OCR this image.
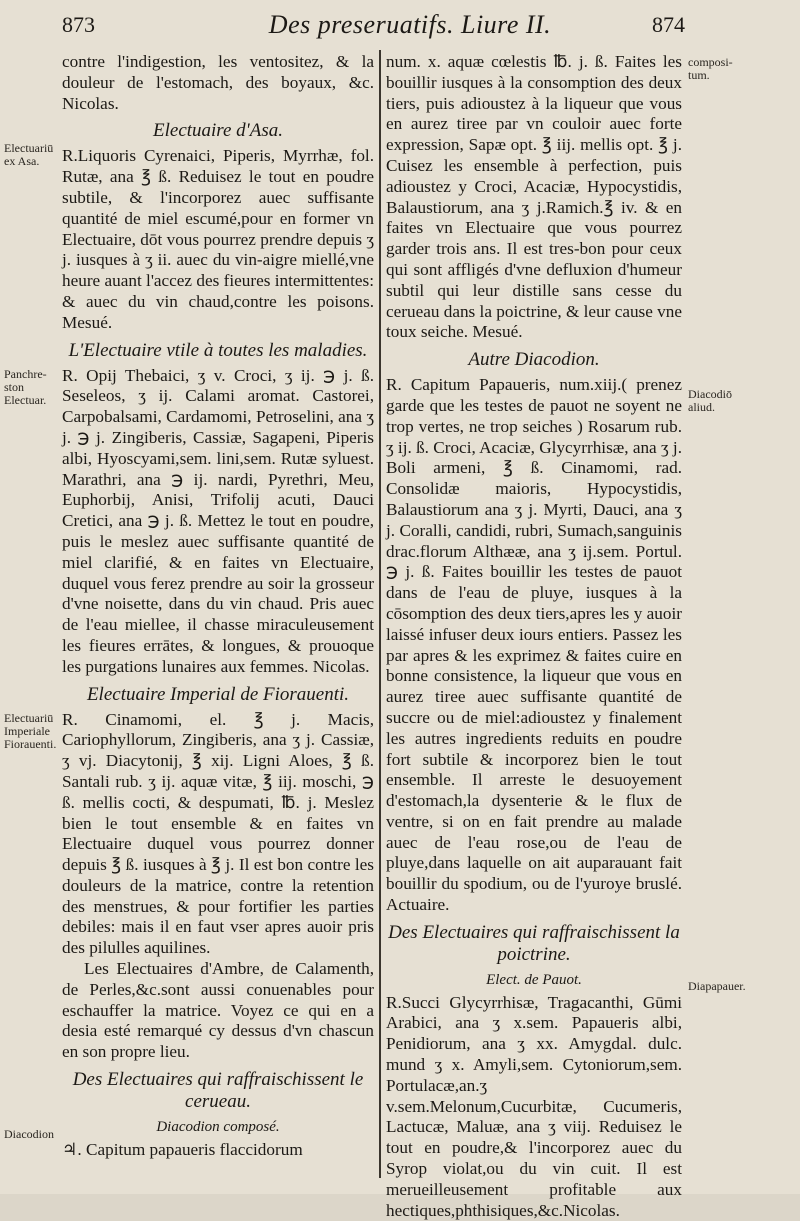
873	Des preseruatifs. Liure II.	874

contre l'indigestion, les ventositez, & la douleur de l'estomach, des boyaux, &c. Nicolas.

Electuaire d'Asa.

R.Liquoris Cyrenaici, Piperis, Myrrhæ, fol. Rutæ, ana ℥ ß. Reduisez le tout en poudre subtile, & l'incorporez auec suffisante quantité de miel escumé,pour en former vn Electuaire, dōt vous pourrez prendre depuis ʒ j. iusques à ʒ ii. auec du vin-aigre miellé,vne heure auant l'accez des fieures intermittentes: & auec du vin chaud,contre les poisons. Mesué.

L'Electuaire vtile à toutes les maladies.

R. Opij Thebaici, ʒ v. Croci, ʒ ij. ℈ j. ß. Seseleos, ʒ ij. Calami aromat. Castorei, Carpobalsami, Cardamomi, Petroselini, ana ʒ j. ℈ j. Zingiberis, Cassiæ, Sagapeni, Piperis albi, Hyoscyami,sem. lini,sem. Rutæ syluest. Marathri, ana ℈ ij. nardi, Pyrethri, Meu, Euphorbij, Anisi, Trifolij acuti, Dauci Cretici, ana ℈ j. ß. Mettez le tout en poudre, puis le meslez auec suffisante quantité de miel clarifié, & en faites vn Electuaire, duquel vous ferez prendre au soir la grosseur d'vne noisette, dans du vin chaud. Pris auec de l'eau miellee, il chasse miraculeusement les fieures errātes, & longues, & prouoque les purgations lunaires aux femmes. Nicolas.

Electuaire Imperial de Fiorauenti.

R. Cinamomi, el. ℥ j. Macis, Cariophyllorum, Zingiberis, ana ʒ j. Cassiæ, ʒ vj. Diacytonij, ℥ xij. Ligni Aloes, ℥ ß. Santali rub. ʒ ij. aquæ vitæ, ℥ iij. moschi, ℈ ß. mellis cocti, & despumati, ℔. j. Meslez bien le tout ensemble & en faites vn Electuaire duquel vous pourrez donner depuis ℥ ß. iusques à ℥ j. Il est bon contre les douleurs de la matrice, contre la retention des menstrues, & pour fortifier les parties debiles: mais il en faut vser apres auoir pris des pilulles aquilines.

Les Electuaires d'Ambre, de Calamenth, de Perles,&c.sont aussi conuenables pour eschauffer la matrice. Voyez ce qui en a desia esté remarqué cy dessus d'vn chascun en son propre lieu.

Des Electuaires qui raffraischissent le cerueau.
Diacodion composé.

♃. Capitum papaueris flaccidorum

num. x. aquæ cœlestis ℔. j. ß. Faites les bouillir iusques à la consomption des deux tiers, puis adioustez à la liqueur que vous en aurez tiree par vn couloir auec forte expression, Sapæ opt. ℥ iij. mellis opt. ℥ j. Cuisez les ensemble à perfection, puis adioustez y Croci, Acaciæ, Hypocystidis, Balaustiorum, ana ʒ j.Ramich.℥ iv. & en faites vn Electuaire que vous pourrez garder trois ans. Il est tres-bon pour ceux qui sont affligés d'vne defluxion d'humeur subtil qui leur distille sans cesse du cerueau dans la poictrine, & leur cause vne toux seiche. Mesué.

Autre Diacodion.

R. Capitum Papaueris, num.xiij.( prenez garde que les testes de pauot ne soyent ne trop vertes, ne trop seiches ) Rosarum rub. ʒ ij. ß. Croci, Acaciæ, Glycyrrhisæ, ana ʒ j. Boli armeni, ℥ ß. Cinamomi, rad. Consolidæ maioris, Hypocystidis, Balaustiorum ana ʒ j. Myrti, Dauci, ana ʒ j. Coralli, candidi, rubri, Sumach,sanguinis drac.florum Althææ, ana ʒ ij.sem. Portul. ℈ j. ß. Faites bouillir les testes de pauot dans de l'eau de pluye, iusques à la cōsomption des deux tiers,apres les y auoir laissé infuser deux iours entiers. Passez les par apres & les exprimez & faites cuire en bonne consistence, la liqueur que vous en aurez tiree auec suffisante quantité de succre ou de miel:adioustez y finalement les autres ingredients reduits en poudre fort subtile & incorporez bien le tout ensemble. Il arreste le desuoyement d'estomach,la dysenterie & le flux de ventre, si on en fait prendre au malade auec de l'eau rose,ou de l'eau de pluye,dans laquelle on ait auparauant fait bouillir du spodium, ou de l'yuroye bruslé. Actuaire.

Des Electuaires qui raffraischissent la poictrine.
Elect. de Pauot.

R.Succi Glycyrrhisæ, Tragacanthi, Gūmi Arabici, ana ʒ x.sem. Papaueris albi, Penidiorum, ana ʒ xx. Amygdal. dulc. mund ʒ x. Amyli,sem. Cytoniorum,sem. Portulacæ,an.ʒ v.sem.Melonum,Cucurbitæ, Cucumeris, Lactucæ, Maluæ, ana ʒ viij. Reduisez le tout en poudre,& l'incorporez auec du Syrop violat,ou du vin cuit. Il est merueilleusement profitable aux hectiques,phthisiques,&c.Nicolas.

Electuariū ex Asa.
Panchre-ston Electuar.
Electuariū Imperiale Fiorauenti.
Diacodion
composi-tum.
Diacodiō aliud.
Diapapauer.
